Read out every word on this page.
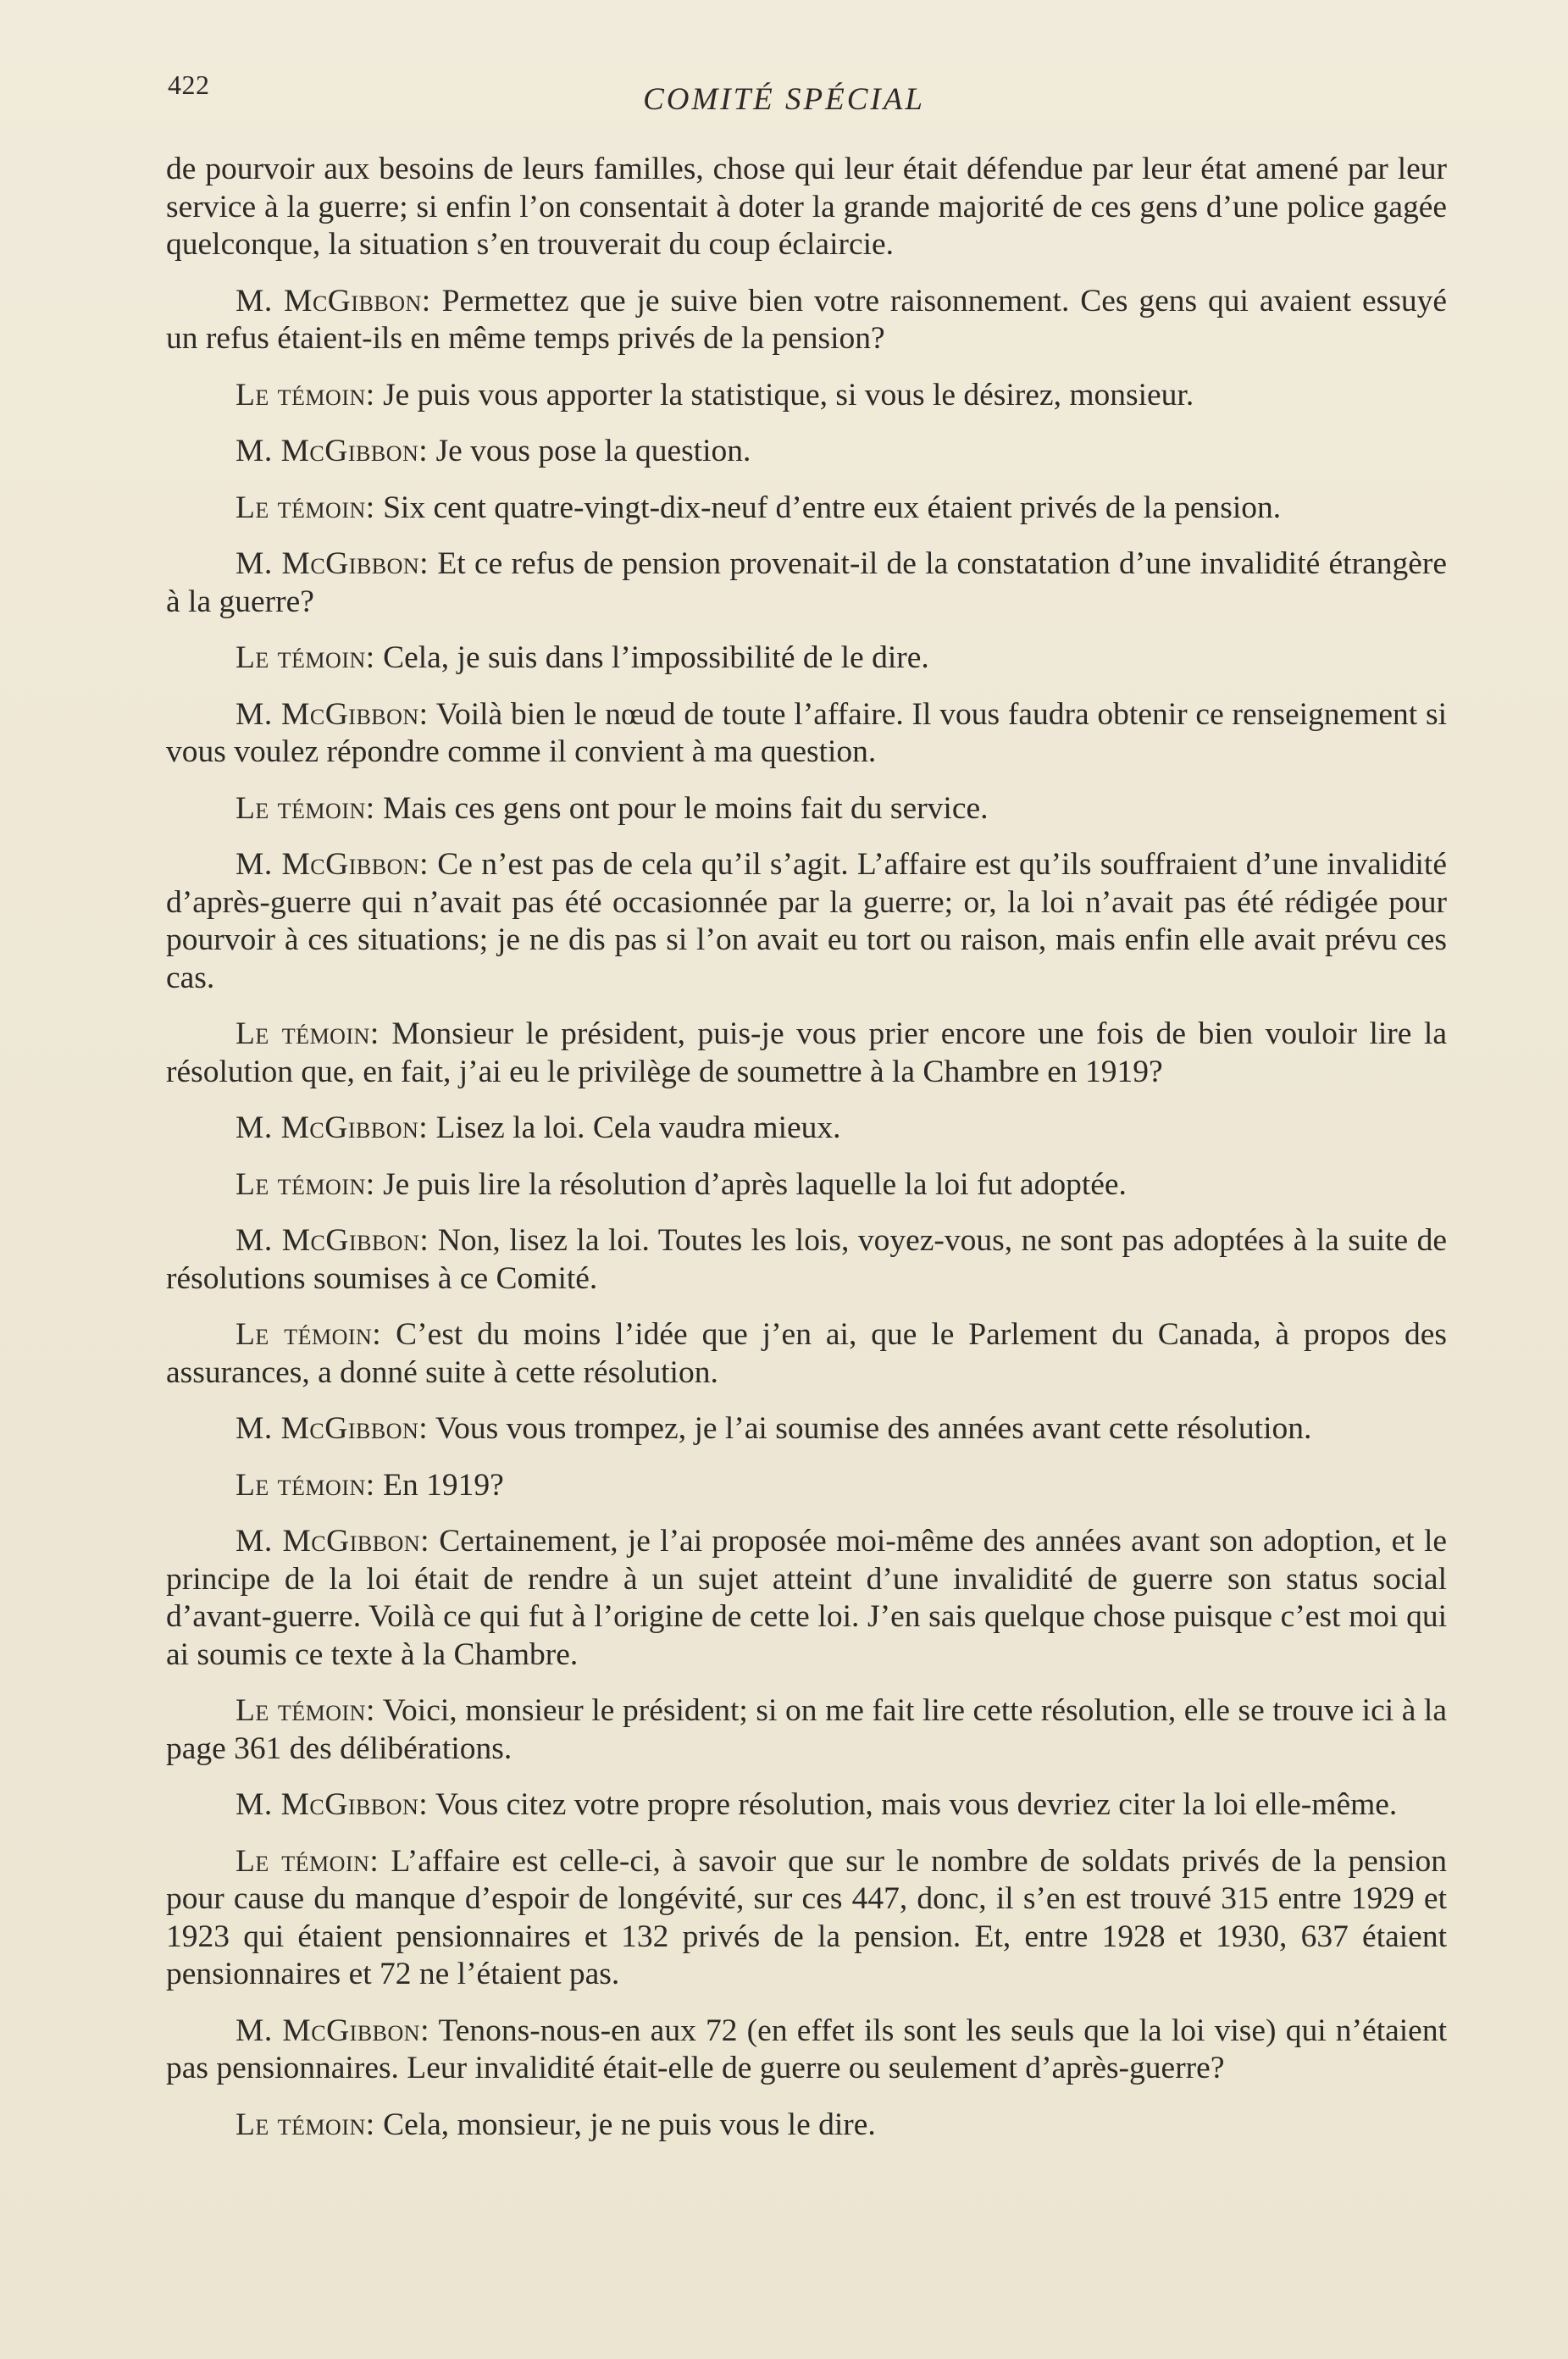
422	COMITÉ SPÉCIAL

de pourvoir aux besoins de leurs familles, chose qui leur était défendue par leur état amené par leur service à la guerre; si enfin l’on consentait à doter la grande majorité de ces gens d’une police gagée quelconque, la situation s’en trouverait du coup éclaircie.

M. McGibbon: Permettez que je suive bien votre raisonnement. Ces gens qui avaient essuyé un refus étaient-ils en même temps privés de la pension?

Le témoin: Je puis vous apporter la statistique, si vous le désirez, monsieur.

M. McGibbon: Je vous pose la question.

Le témoin: Six cent quatre-vingt-dix-neuf d’entre eux étaient privés de la pension.

M. McGibbon: Et ce refus de pension provenait-il de la constatation d’une invalidité étrangère à la guerre?

Le témoin: Cela, je suis dans l’impossibilité de le dire.

M. McGibbon: Voilà bien le nœud de toute l’affaire. Il vous faudra obtenir ce renseignement si vous voulez répondre comme il convient à ma question.

Le témoin: Mais ces gens ont pour le moins fait du service.

M. McGibbon: Ce n’est pas de cela qu’il s’agit. L’affaire est qu’ils souffraient d’une invalidité d’après-guerre qui n’avait pas été occasionnée par la guerre; or, la loi n’avait pas été rédigée pour pourvoir à ces situations; je ne dis pas si l’on avait eu tort ou raison, mais enfin elle avait prévu ces cas.

Le témoin: Monsieur le président, puis-je vous prier encore une fois de bien vouloir lire la résolution que, en fait, j’ai eu le privilège de soumettre à la Chambre en 1919?

M. McGibbon: Lisez la loi. Cela vaudra mieux.

Le témoin: Je puis lire la résolution d’après laquelle la loi fut adoptée.

M. McGibbon: Non, lisez la loi. Toutes les lois, voyez-vous, ne sont pas adoptées à la suite de résolutions soumises à ce Comité.

Le témoin: C’est du moins l’idée que j’en ai, que le Parlement du Canada, à propos des assurances, a donné suite à cette résolution.

M. McGibbon: Vous vous trompez, je l’ai soumise des années avant cette résolution.

Le témoin: En 1919?

M. McGibbon: Certainement, je l’ai proposée moi-même des années avant son adoption, et le principe de la loi était de rendre à un sujet atteint d’une invalidité de guerre son status social d’avant-guerre. Voilà ce qui fut à l’origine de cette loi. J’en sais quelque chose puisque c’est moi qui ai soumis ce texte à la Chambre.

Le témoin: Voici, monsieur le président; si on me fait lire cette résolution, elle se trouve ici à la page 361 des délibérations.

M. McGibbon: Vous citez votre propre résolution, mais vous devriez citer la loi elle-même.

Le témoin: L’affaire est celle-ci, à savoir que sur le nombre de soldats privés de la pension pour cause du manque d’espoir de longévité, sur ces 447, donc, il s’en est trouvé 315 entre 1929 et 1923 qui étaient pensionnaires et 132 privés de la pension. Et, entre 1928 et 1930, 637 étaient pensionnaires et 72 ne l’étaient pas.

M. McGibbon: Tenons-nous-en aux 72 (en effet ils sont les seuls que la loi vise) qui n’étaient pas pensionnaires. Leur invalidité était-elle de guerre ou seulement d’après-guerre?

Le témoin: Cela, monsieur, je ne puis vous le dire.
